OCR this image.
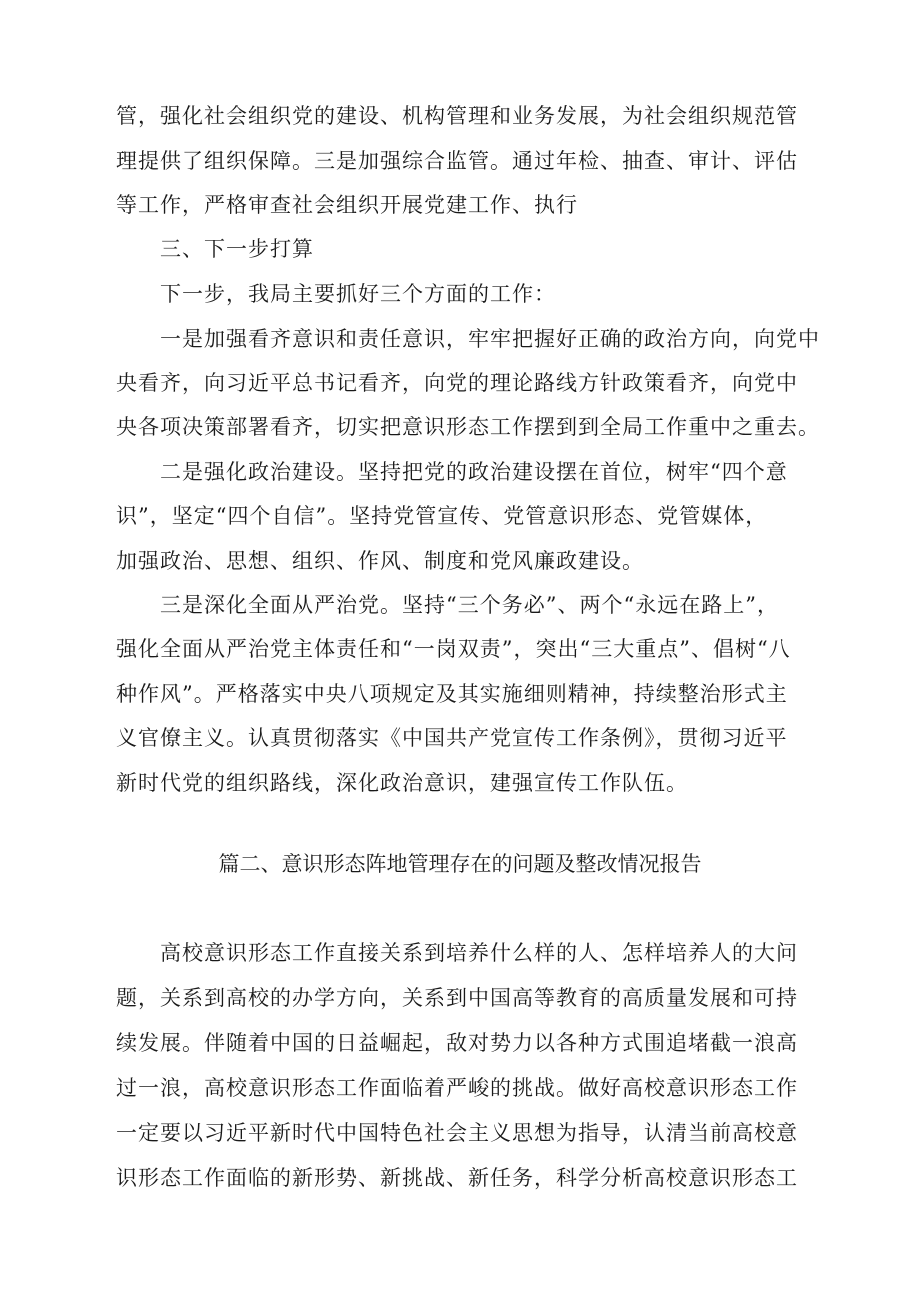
管，强化社会组织党的建设、机构管理和业务发展，为社会组织规范管
理提供了组织保障。三是加强综合监管。通过年检、抽查、审计、评估
等工作，严格审查社会组织开展党建工作、执行
三、下一步打算
下一步，我局主要抓好三个方面的工作：
一是加强看齐意识和责任意识，牢牢把握好正确的政治方向，向党中
央看齐，向习近平总书记看齐，向党的理论路线方针政策看齐，向党中
央各项决策部署看齐，切实把意识形态工作摆到到全局工作重中之重去。
二是强化政治建设。坚持把党的政治建设摆在首位，树牢“四个意
识”，坚定“四个自信”。坚持党管宣传、党管意识形态、党管媒体，
加强政治、思想、组织、作风、制度和党风廉政建设。
三是深化全面从严治党。坚持“三个务必”、两个“永远在路上”，
强化全面从严治党主体责任和“一岗双责”，突出“三大重点”、倡树“八
种作风”。严格落实中央八项规定及其实施细则精神，持续整治形式主
义官僚主义。认真贯彻落实《中国共产党宣传工作条例》，贯彻习近平
新时代党的组织路线，深化政治意识，建强宣传工作队伍。
篇二、意识形态阵地管理存在的问题及整改情况报告
高校意识形态工作直接关系到培养什么样的人、怎样培养人的大问
题，关系到高校的办学方向，关系到中国高等教育的高质量发展和可持
续发展。伴随着中国的日益崛起，敌对势力以各种方式围追堵截一浪高
过一浪，高校意识形态工作面临着严峻的挑战。做好高校意识形态工作
一定要以习近平新时代中国特色社会主义思想为指导，认清当前高校意
识形态工作面临的新形势、新挑战、新任务，科学分析高校意识形态工
